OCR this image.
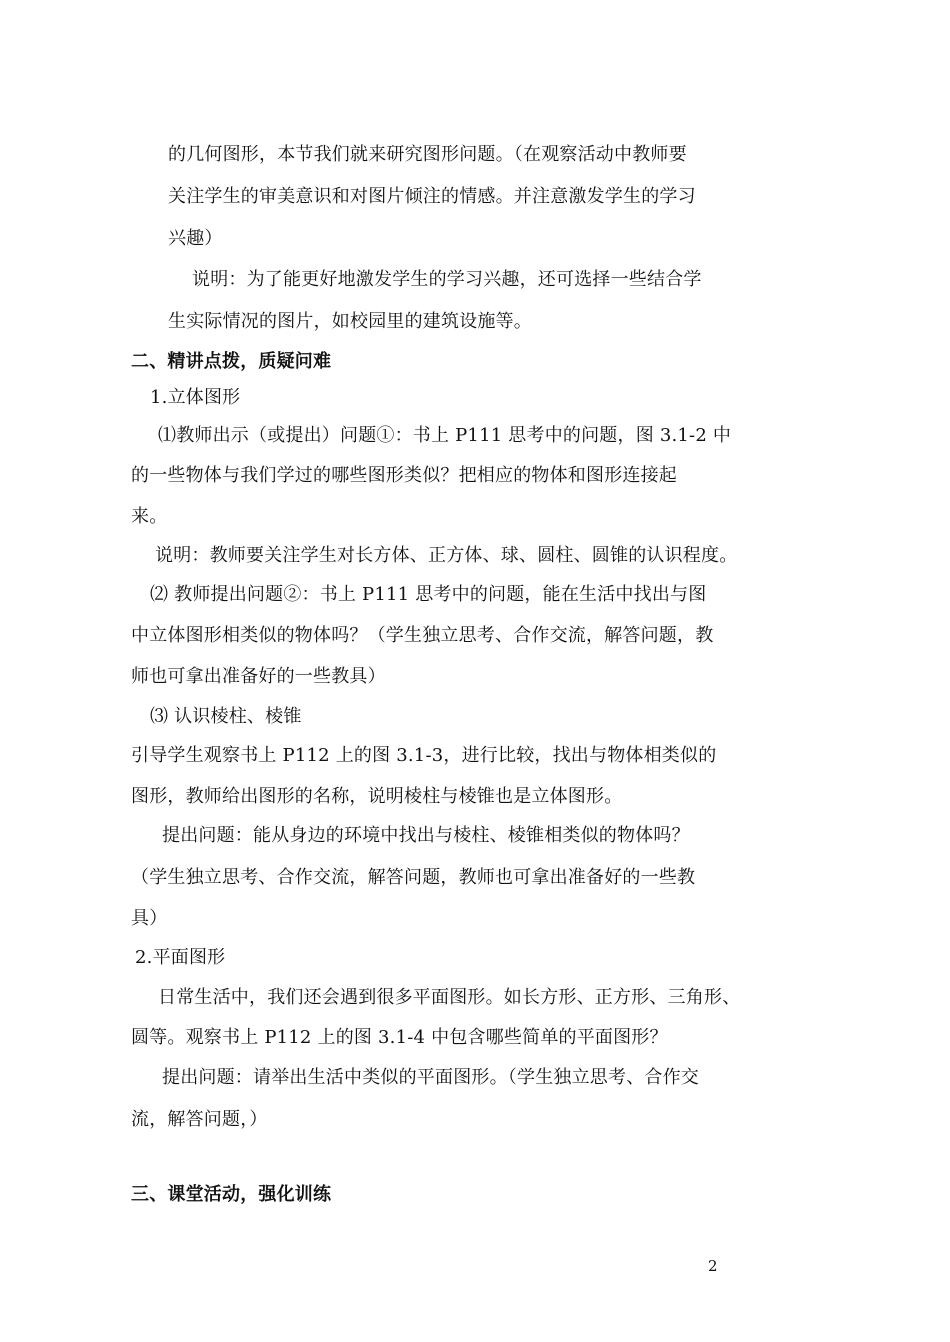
的几何图形，本节我们就来研究图形问题。（在观察活动中教师要
关注学生的审美意识和对图片倾注的情感。并注意激发学生的学习
兴趣）
说明：为了能更好地激发学生的学习兴趣，还可选择一些结合学
生实际情况的图片，如校园里的建筑设施等。
二、精讲点拨，质疑问难
1.立体图形
⑴教师出示（或提出）问题①：书上 P111 思考中的问题，图 3.1-2 中
的一些物体与我们学过的哪些图形类似？把相应的物体和图形连接起
来。
说明：教师要关注学生对长方体、正方体、球、圆柱、圆锥的认识程度。
⑵ 教师提出问题②：书上 P111 思考中的问题，能在生活中找出与图
中立体图形相类似的物体吗？（学生独立思考、合作交流，解答问题，教
师也可拿出准备好的一些教具）
⑶ 认识棱柱、棱锥
引导学生观察书上 P112 上的图 3.1-3，进行比较，找出与物体相类似的
图形，教师给出图形的名称，说明棱柱与棱锥也是立体图形。
提出问题：能从身边的环境中找出与棱柱、棱锥相类似的物体吗？
（学生独立思考、合作交流，解答问题，教师也可拿出准备好的一些教
具）
2.平面图形
日常生活中，我们还会遇到很多平面图形。如长方形、正方形、三角形、
圆等。观察书上 P112 上的图 3.1-4 中包含哪些简单的平面图形？
提出问题：请举出生活中类似的平面图形。（学生独立思考、合作交
流，解答问题，）
三、课堂活动，强化训练
2
